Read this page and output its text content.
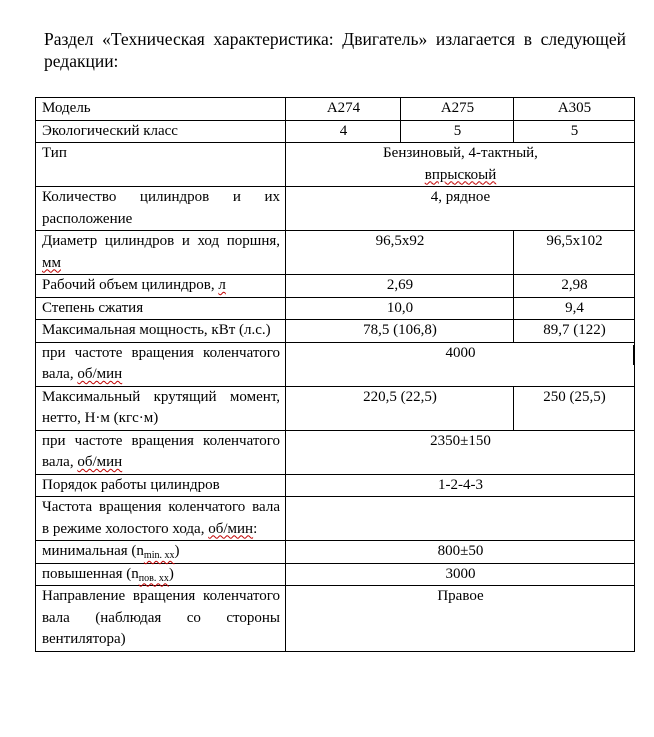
Раздел «Техническая характеристика: Двигатель» излагается в следующей редакции:
Модель	А274	А275	А305
Экологический класс	4	5	5
Тип	Бензиновый, 4-тактный,
впрыскоый		
Количество цилиндров и их расположение	4, рядное		
Диаметр цилиндров и ход поршня, мм	96,5х92		96,5х102
Рабочий объем цилиндров, л	2,69		2,98
Степень сжатия	10,0		9,4
Максимальная мощность, кВт (л.с.)	78,5 (106,8)		89,7 (122)
при частоте вращения коленчатого вала, об/мин	4000		
Максимальный крутящий момент, нетто, Н·м (кгс·м)	220,5 (22,5)		250 (25,5)
при частоте вращения коленчатого вала, об/мин	2350±150		
Порядок работы цилиндров	1-2-4-3		
Частота вращения коленчатого вала в режиме холостого хода, об/мин:			
минимальная $(n_{min. хх})$	800±50		
повышенная $(n_{пов. хх})$	3000		
Направление вращения коленчатого вала (наблюдая со стороны вентилятора)	Правое		
